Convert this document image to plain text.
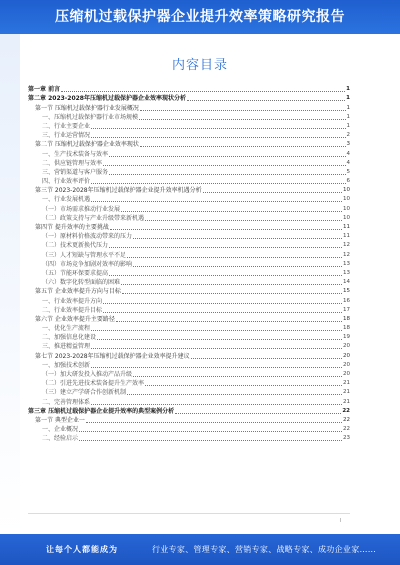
压缩机过载保护器企业提升效率策略研究报告
内容目录
第一章 前言	1
第二章 2023-2028年压缩机过载保护器企业效率现状分析	1
第一节 压缩机过载保护器行业发展概况	1
一、压缩机过载保护器行业市场规模	1
二、行业主要企业	1
三、行业运营情况	2
第二节 压缩机过载保护器企业效率现状	3
一、生产技术装备与效率	4
二、供应链管理与效率	4
三、营销渠道与客户服务	5
四、行业效率评价	6
第三节 2023-2028年压缩机过载保护器企业提升效率机遇分析	10
一、行业发展机遇	10
（一）市场需求推动行业发展	10
（二）政策支持与产业升级带来新机遇	10
第四节 提升效率的主要挑战	11
（一）原材料价格波动带来的压力	11
（二）技术更新换代压力	12
（三）人才短缺与管理水平不足	12
（四）市场竞争加剧对效率的影响	13
（五）节能环保要求提高	13
（六）数字化转型面临的困难	14
第五节 企业效率提升方向与目标	15
一、行业效率提升方向	16
二、行业效率提升目标	17
第六节 企业效率提升主要路径	18
一、优化生产流程	18
二、加强信息化建设	19
三、推进精益管理	20
第七节 2023-2028年压缩机过载保护器企业效率提升建议	20
一、加强技术创新	20
（一）加大研发投入推动产品升级	20
（二）引进先进技术装备提升生产效率	21
（三）建立产学研合作创新机制	21
二、完善管理体系	21
第三章 压缩机过载保护器企业提升效率的典型案例分析	22
第一节 典型企业一	22
一、企业概况	22
二、经验启示	23
I
让每个人都能成为	行业专家、管理专家、营销专家、战略专家、成功企业家……
